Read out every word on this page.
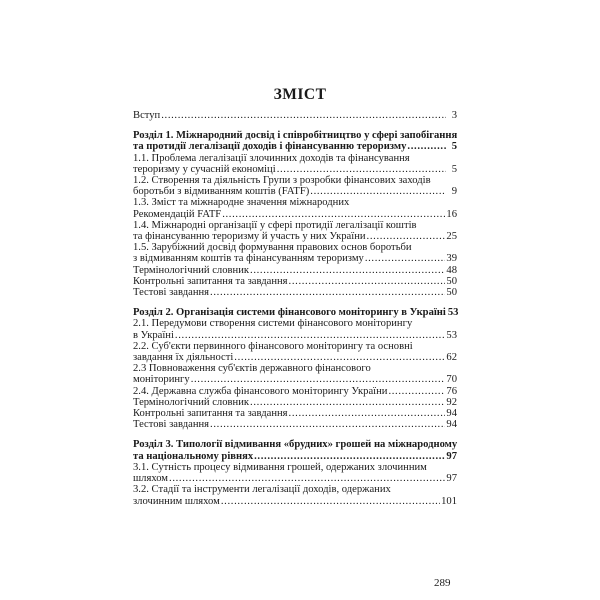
ЗМІСТ
Вступ . . .	3
Розділ 1. Міжнародний досвід і співробітництво у сфері запобігання
та протидії легалізації доходів і фінансуванню тероризму . . .	5
1.1. Проблема легалізації злочинних доходів та фінансування
тероризму у сучасній економіці . . .	5
1.2. Створення та діяльність Групи з розробки фінансових заходів
боротьби з відмиванням коштів (FATF) . . .	9
1.3. Зміст та міжнародне значення міжнародних
Рекомендацій FATF . . .	16
1.4. Міжнародні організації у сфері протидії легалізації коштів
та фінансуванню тероризму й участь у них України . . .	25
1.5. Зарубіжний досвід формування правових основ боротьби
з відмиванням коштів та фінансуванням тероризму . . .	39
Термінологічний словник . . .	48
Контрольні запитання та завдання . . .	50
Тестові завдання . . .	50
Розділ 2. Організація системи фінансового моніторингу в Україні 53
2.1. Передумови створення системи фінансового моніторингу
в Україні . . .	53
2.2. Суб'єкти первинного фінансового моніторингу та основні
завдання їх діяльності . . .	62
2.3 Повноваження суб'єктів державного фінансового
моніторингу . . .	70
2.4. Державна служба фінансового моніторингу України . . .	76
Термінологічний словник . . .	92
Контрольні запитання та завдання . . .	94
Тестові завдання . . .	94
Розділ 3. Типології відмивання «брудних» грошей на міжнародному
та національному рівнях . . .	97
3.1. Сутність процесу відмивання грошей, одержаних злочинним
шляхом . . .	97
3.2. Стадії та інструменти легалізації доходів, одержаних
злочинним шляхом . . .	101
289
